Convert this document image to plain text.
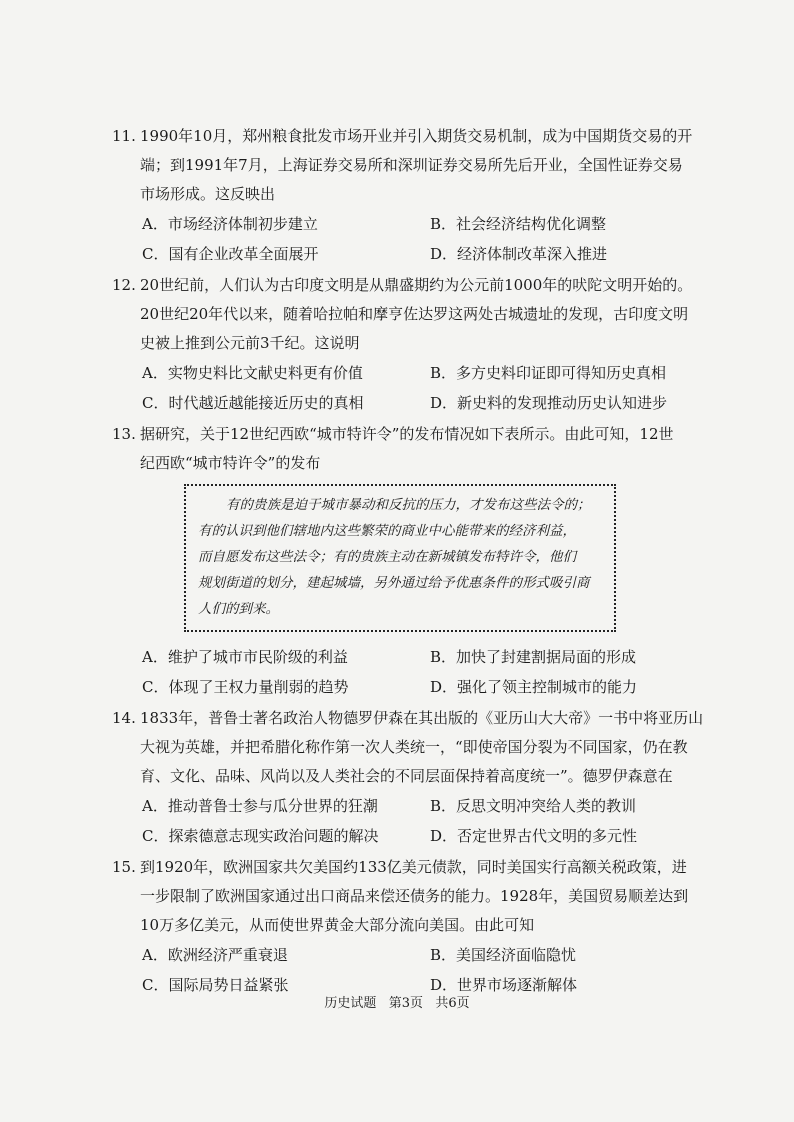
11. 1990年10月，郑州粮食批发市场开业并引入期货交易机制，成为中国期货交易的开

端；到1991年7月，上海证券交易所和深圳证券交易所先后开业，全国性证券交易

市场形成。这反映出

A．市场经济体制初步建立	B．社会经济结构优化调整
C．国有企业改革全面展开	D．经济体制改革深入推进
12. 20世纪前，人们认为古印度文明是从鼎盛期约为公元前1000年的吠陀文明开始的。

20世纪20年代以来，随着哈拉帕和摩亨佐达罗这两处古城遗址的发现，古印度文明

史被上推到公元前3千纪。这说明

A．实物史料比文献史料更有价值	B．多方史料印证即可得知历史真相
C．时代越近越能接近历史的真相	D．新史料的发现推动历史认知进步
13. 据研究，关于12世纪西欧“城市特许令”的发布情况如下表所示。由此可知，12世

纪西欧“城市特许令”的发布

有的贵族是迫于城市暴动和反抗的压力，才发布这些法令的；

有的认识到他们辖地内这些繁荣的商业中心能带来的经济利益，

而自愿发布这些法令；有的贵族主动在新城镇发布特许令，他们

规划街道的划分，建起城墙，另外通过给予优惠条件的形式吸引商

人们的到来。

A．维护了城市市民阶级的利益	B．加快了封建割据局面的形成
C．体现了王权力量削弱的趋势	D．强化了领主控制城市的能力
14. 1833年，普鲁士著名政治人物德罗伊森在其出版的《亚历山大大帝》一书中将亚历山

大视为英雄，并把希腊化称作第一次人类统一，“即使帝国分裂为不同国家，仍在教

育、文化、品味、风尚以及人类社会的不同层面保持着高度统一”。德罗伊森意在

A．推动普鲁士参与瓜分世界的狂潮	B．反思文明冲突给人类的教训
C．探索德意志现实政治问题的解决	D．否定世界古代文明的多元性
15. 到1920年，欧洲国家共欠美国约133亿美元债款，同时美国实行高额关税政策，进

一步限制了欧洲国家通过出口商品来偿还债务的能力。1928年，美国贸易顺差达到

10万多亿美元，从而使世界黄金大部分流向美国。由此可知

A．欧洲经济严重衰退	B．美国经济面临隐忧
C．国际局势日益紧张	D．世界市场逐渐解体
历史试题   第3页   共6页
